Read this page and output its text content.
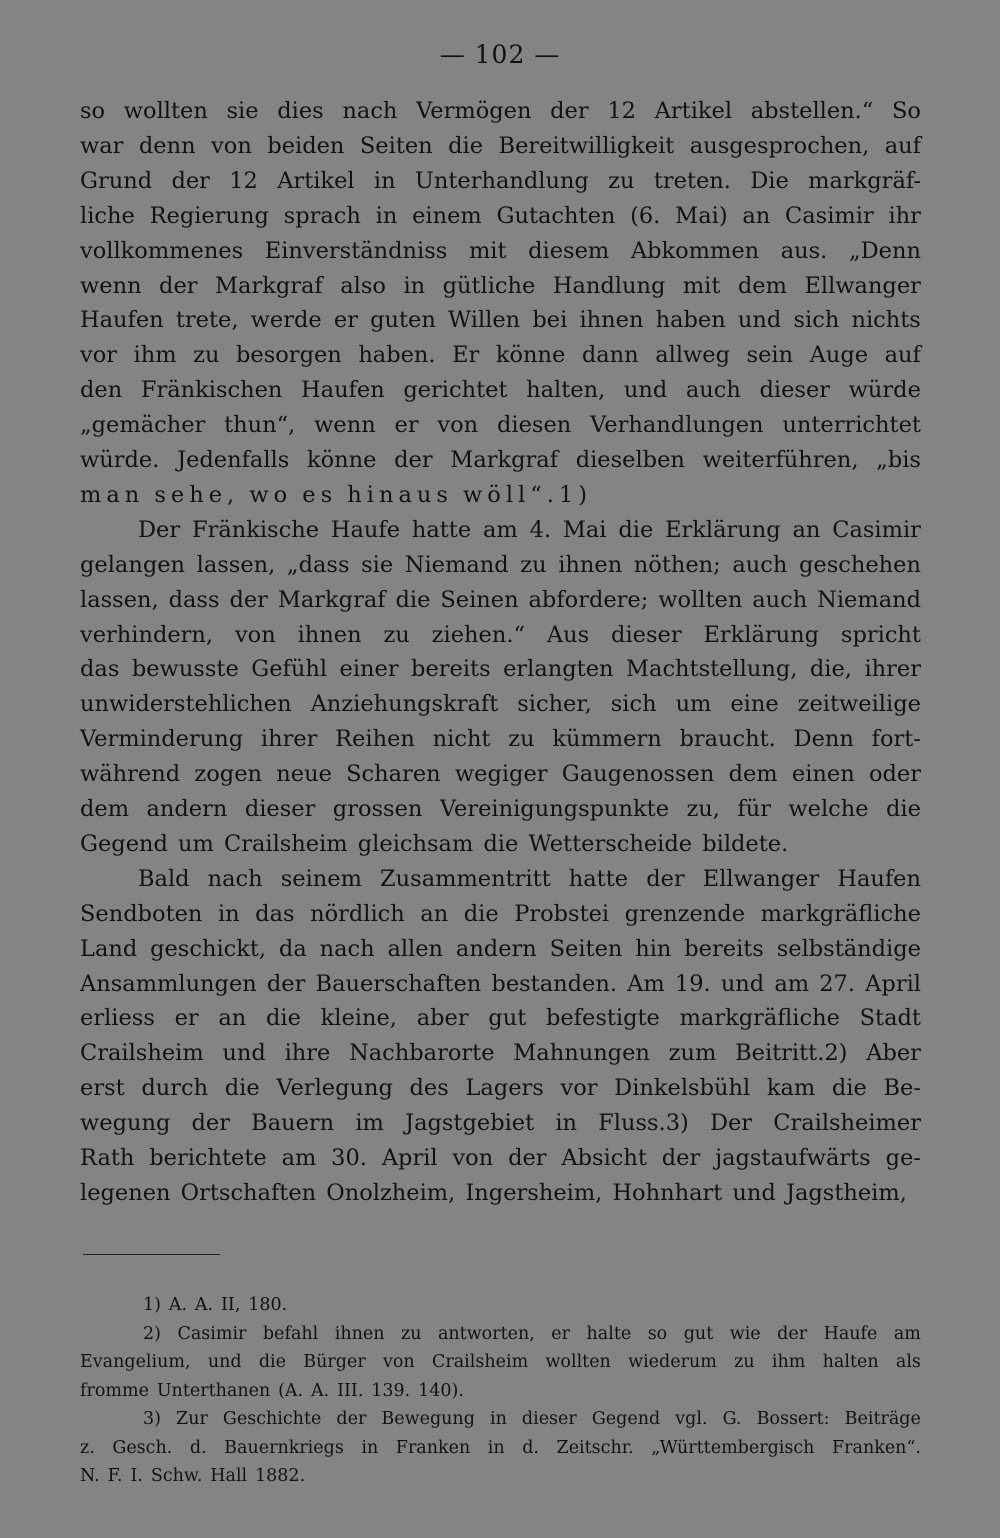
— 102 —
so wollten sie dies nach Vermögen der 12 Artikel abstellen.“ So
war denn von beiden Seiten die Bereitwilligkeit ausgesprochen, auf
Grund der 12 Artikel in Unterhandlung zu treten. Die markgräf-
liche Regierung sprach in einem Gutachten (6. Mai) an Casimir ihr
vollkommenes Einverständniss mit diesem Abkommen aus. „Denn
wenn der Markgraf also in gütliche Handlung mit dem Ellwanger
Haufen trete, werde er guten Willen bei ihnen haben und sich nichts
vor ihm zu besorgen haben. Er könne dann allweg sein Auge auf
den Fränkischen Haufen gerichtet halten, und auch dieser würde
„gemächer thun“, wenn er von diesen Verhandlungen unterrichtet
würde. Jedenfalls könne der Markgraf dieselben weiterführen, „bis
man sehe, wo es hinaus wöll“.1)
Der Fränkische Haufe hatte am 4. Mai die Erklärung an Casimir
gelangen lassen, „dass sie Niemand zu ihnen nöthen; auch geschehen
lassen, dass der Markgraf die Seinen abfordere; wollten auch Niemand
verhindern, von ihnen zu ziehen.“ Aus dieser Erklärung spricht
das bewusste Gefühl einer bereits erlangten Machtstellung, die, ihrer
unwiderstehlichen Anziehungskraft sicher, sich um eine zeitweilige
Verminderung ihrer Reihen nicht zu kümmern braucht. Denn fort-
während zogen neue Scharen wegiger Gaugenossen dem einen oder
dem andern dieser grossen Vereinigungspunkte zu, für welche die
Gegend um Crailsheim gleichsam die Wetterscheide bildete.
Bald nach seinem Zusammentritt hatte der Ellwanger Haufen
Sendboten in das nördlich an die Probstei grenzende markgräfliche
Land geschickt, da nach allen andern Seiten hin bereits selbständige
Ansammlungen der Bauerschaften bestanden. Am 19. und am 27. April
erliess er an die kleine, aber gut befestigte markgräfliche Stadt
Crailsheim und ihre Nachbarorte Mahnungen zum Beitritt.2) Aber
erst durch die Verlegung des Lagers vor Dinkelsbühl kam die Be-
wegung der Bauern im Jagstgebiet in Fluss.3) Der Crailsheimer
Rath berichtete am 30. April von der Absicht der jagstaufwärts ge-
legenen Ortschaften Onolzheim, Ingersheim, Hohnhart und Jagstheim,
1) A. A. II, 180.
2) Casimir befahl ihnen zu antworten, er halte so gut wie der Haufe am
Evangelium, und die Bürger von Crailsheim wollten wiederum zu ihm halten als
fromme Unterthanen (A. A. III. 139. 140).
3) Zur Geschichte der Bewegung in dieser Gegend vgl. G. Bossert: Beiträge
z. Gesch. d. Bauernkriegs in Franken in d. Zeitschr. „Württembergisch Franken“.
N. F. I. Schw. Hall 1882.
